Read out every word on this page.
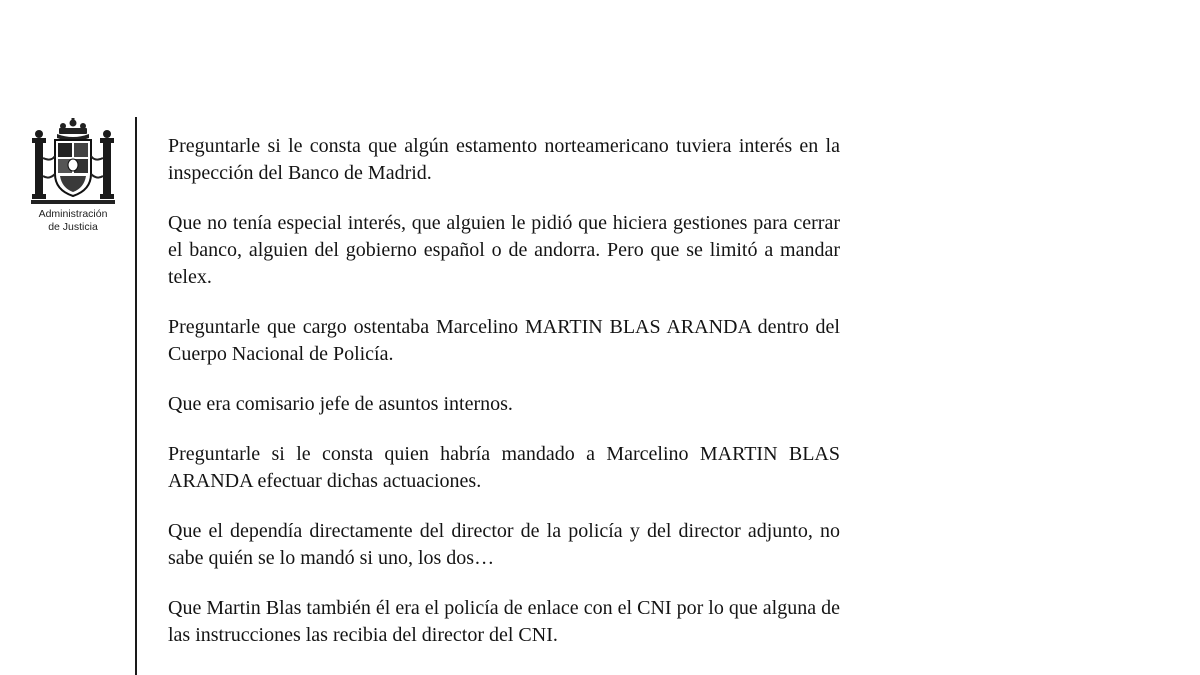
Administración
de Justicia

Preguntarle si le consta que algún estamento norteamericano tuviera interés en la inspección del Banco de Madrid.

Que no tenía especial interés, que alguien le pidió que hiciera gestiones para cerrar el banco, alguien del gobierno español o de andorra. Pero que se limitó a mandar telex.

Preguntarle que cargo ostentaba Marcelino MARTIN BLAS ARANDA dentro del Cuerpo Nacional de Policía.

Que era comisario jefe de asuntos internos.

Preguntarle si le consta quien habría mandado a Marcelino MARTIN BLAS ARANDA efectuar dichas actuaciones.

Que el dependía directamente del director de la policía y del director adjunto, no sabe quién se lo mandó si uno, los dos…

Que Martin Blas también él era el policía de enlace con el CNI por lo que alguna de las instrucciones las recibia del director del CNI.
